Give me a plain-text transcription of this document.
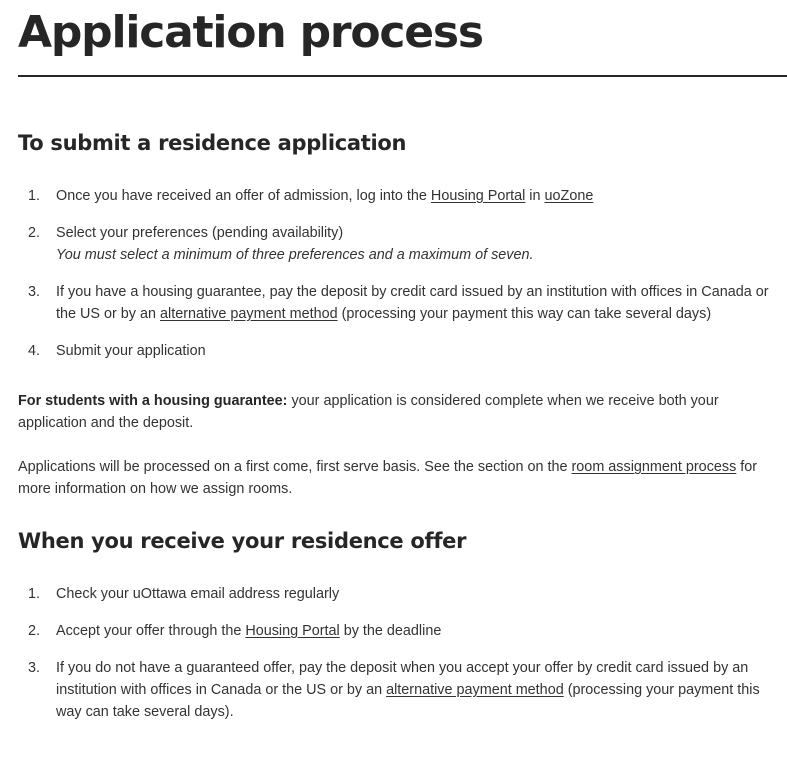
Application process
To submit a residence application
1. Once you have received an offer of admission, log into the Housing Portal in uoZone
2. Select your preferences (pending availability)
You must select a minimum of three preferences and a maximum of seven.
3. If you have a housing guarantee, pay the deposit by credit card issued by an institution with offices in Canada or the US or by an alternative payment method (processing your payment this way can take several days)
4. Submit your application

For students with a housing guarantee: your application is considered complete when we receive both your application and the deposit.

Applications will be processed on a first come, first serve basis. See the section on the room assignment process for more information on how we assign rooms.

When you receive your residence offer
1. Check your uOttawa email address regularly
2. Accept your offer through the Housing Portal by the deadline
3. If you do not have a guaranteed offer, pay the deposit when you accept your offer by credit card issued by an institution with offices in Canada or the US or by an alternative payment method (processing your payment this way can take several days).
